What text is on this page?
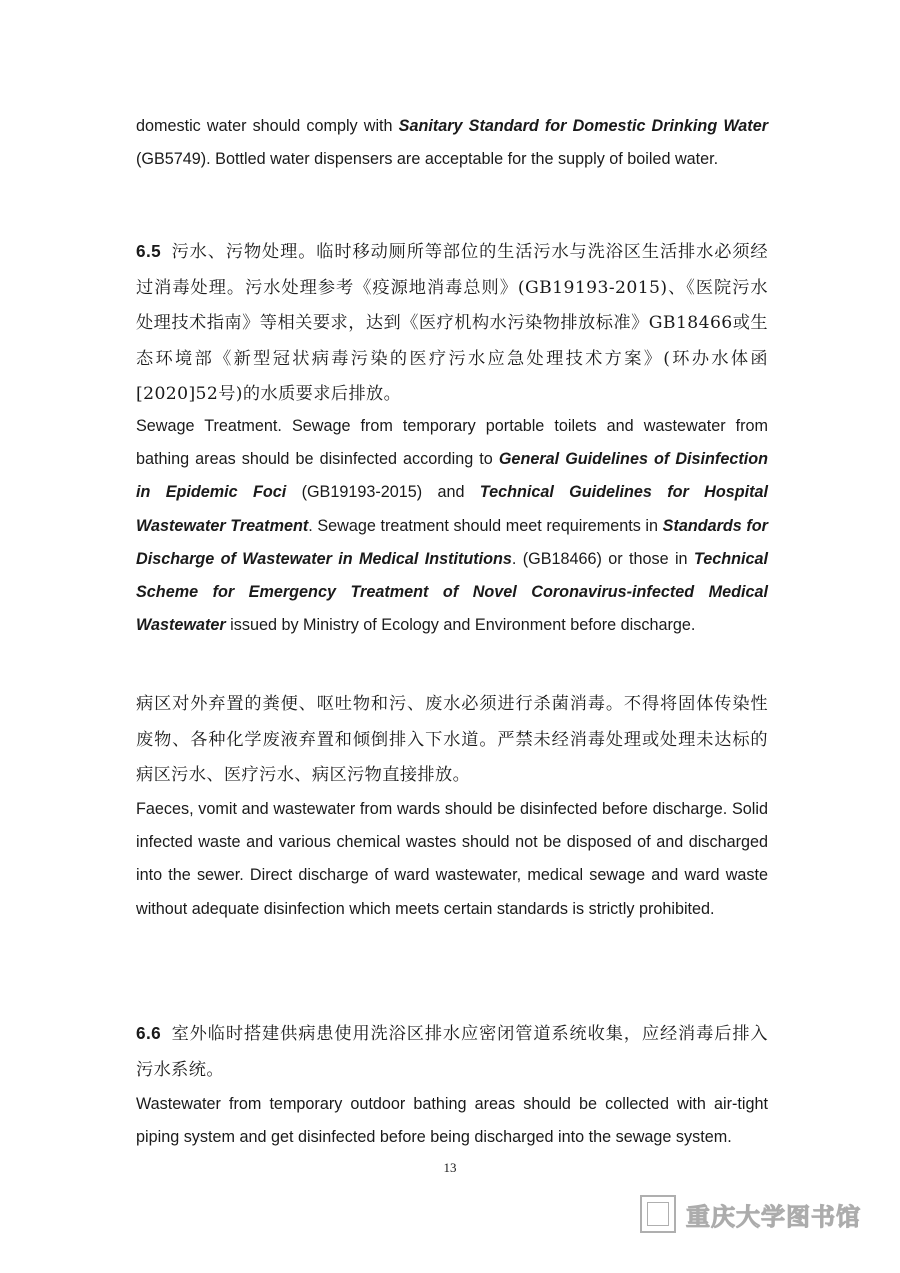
domestic water should comply with Sanitary Standard for Domestic Drinking Water (GB5749). Bottled water dispensers are acceptable for the supply of boiled water.

6.5 污水、污物处理。临时移动厕所等部位的生活污水与洗浴区生活排水必须经过消毒处理。污水处理参考《疫源地消毒总则》(GB19193-2015)、《医院污水处理技术指南》等相关要求，达到《医疗机构水污染物排放标准》GB18466或生态环境部《新型冠状病毒污染的医疗污水应急处理技术方案》(环办水体函[2020]52号)的水质要求后排放。

Sewage Treatment. Sewage from temporary portable toilets and wastewater from bathing areas should be disinfected according to General Guidelines of Disinfection in Epidemic Foci (GB19193-2015) and Technical Guidelines for Hospital Wastewater Treatment. Sewage treatment should meet requirements in Standards for Discharge of Wastewater in Medical Institutions. (GB18466) or those in Technical Scheme for Emergency Treatment of Novel Coronavirus-infected Medical Wastewater issued by Ministry of Ecology and Environment before discharge.

病区对外弃置的粪便、呕吐物和污、废水必须进行杀菌消毒。不得将固体传染性废物、各种化学废液弃置和倾倒排入下水道。严禁未经消毒处理或处理未达标的病区污水、医疗污水、病区污物直接排放。

Faeces, vomit and wastewater from wards should be disinfected before discharge. Solid infected waste and various chemical wastes should not be disposed of and discharged into the sewer. Direct discharge of ward wastewater, medical sewage and ward waste without adequate disinfection which meets certain standards is strictly prohibited.

6.6 室外临时搭建供病患使用洗浴区排水应密闭管道系统收集，应经消毒后排入污水系统。

Wastewater from temporary outdoor bathing areas should be collected with air-tight piping system and get disinfected before being discharged into the sewage system.

13
重庆大学图书馆
